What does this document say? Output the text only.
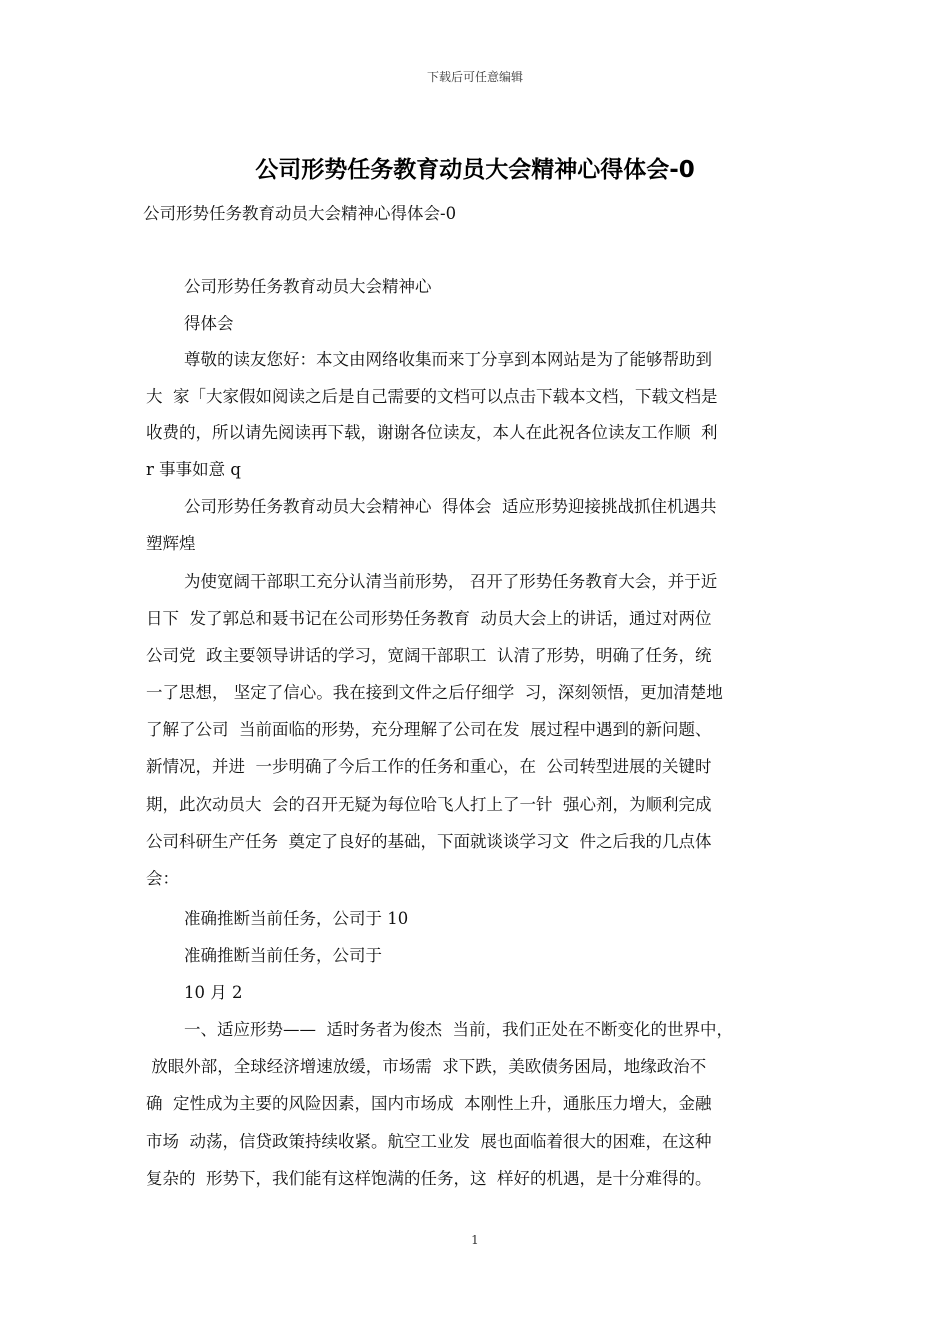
下载后可任意编辑
公司形势任务教育动员大会精神心得体会-0
公司形势任务教育动员大会精神心得体会-0
公司形势任务教育动员大会精神心
得体会
尊敬的读友您好：本文由网络收集而来丁分享到本网站是为了能够帮助到
大  家「大家假如阅读之后是自己需要的文档可以点击下载本文档，下载文档是
收费的，所以请先阅读再下载，谢谢各位读友，本人在此祝各位读友工作顺  利
r 事事如意 q
公司形势任务教育动员大会精神心  得体会  适应形势迎接挑战抓住机遇共
塑辉煌
为使宽阔干部职工充分认清当前形势， 召开了形势任务教育大会，并于近
日下  发了郭总和聂书记在公司形势任务教育  动员大会上的讲话，通过对两位
公司党  政主要领导讲话的学习，宽阔干部职工  认清了形势，明确了任务，统
一了思想， 坚定了信心。我在接到文件之后仔细学  习，深刻领悟，更加清楚地
了解了公司  当前面临的形势，充分理解了公司在发  展过程中遇到的新问题、
新情况，并进  一步明确了今后工作的任务和重心，在  公司转型进展的关键时
期，此次动员大  会的召开无疑为每位哈飞人打上了一针  强心剂，为顺利完成
公司科研生产任务  奠定了良好的基础，下面就谈谈学习文  件之后我的几点体
会：
准确推断当前任务，公司于 10
准确推断当前任务，公司于
10 月 2
一、适应形势——  适时务者为俊杰  当前，我们正处在不断变化的世界中，
放眼外部，全球经济增速放缓，市场需  求下跌，美欧债务困局，地缘政治不
确  定性成为主要的风险因素，国内市场成  本刚性上升，通胀压力增大，金融
市场  动荡，信贷政策持续收紧。航空工业发  展也面临着很大的困难，在这种
复杂的  形势下，我们能有这样饱满的任务，这  样好的机遇，是十分难得的。
1
